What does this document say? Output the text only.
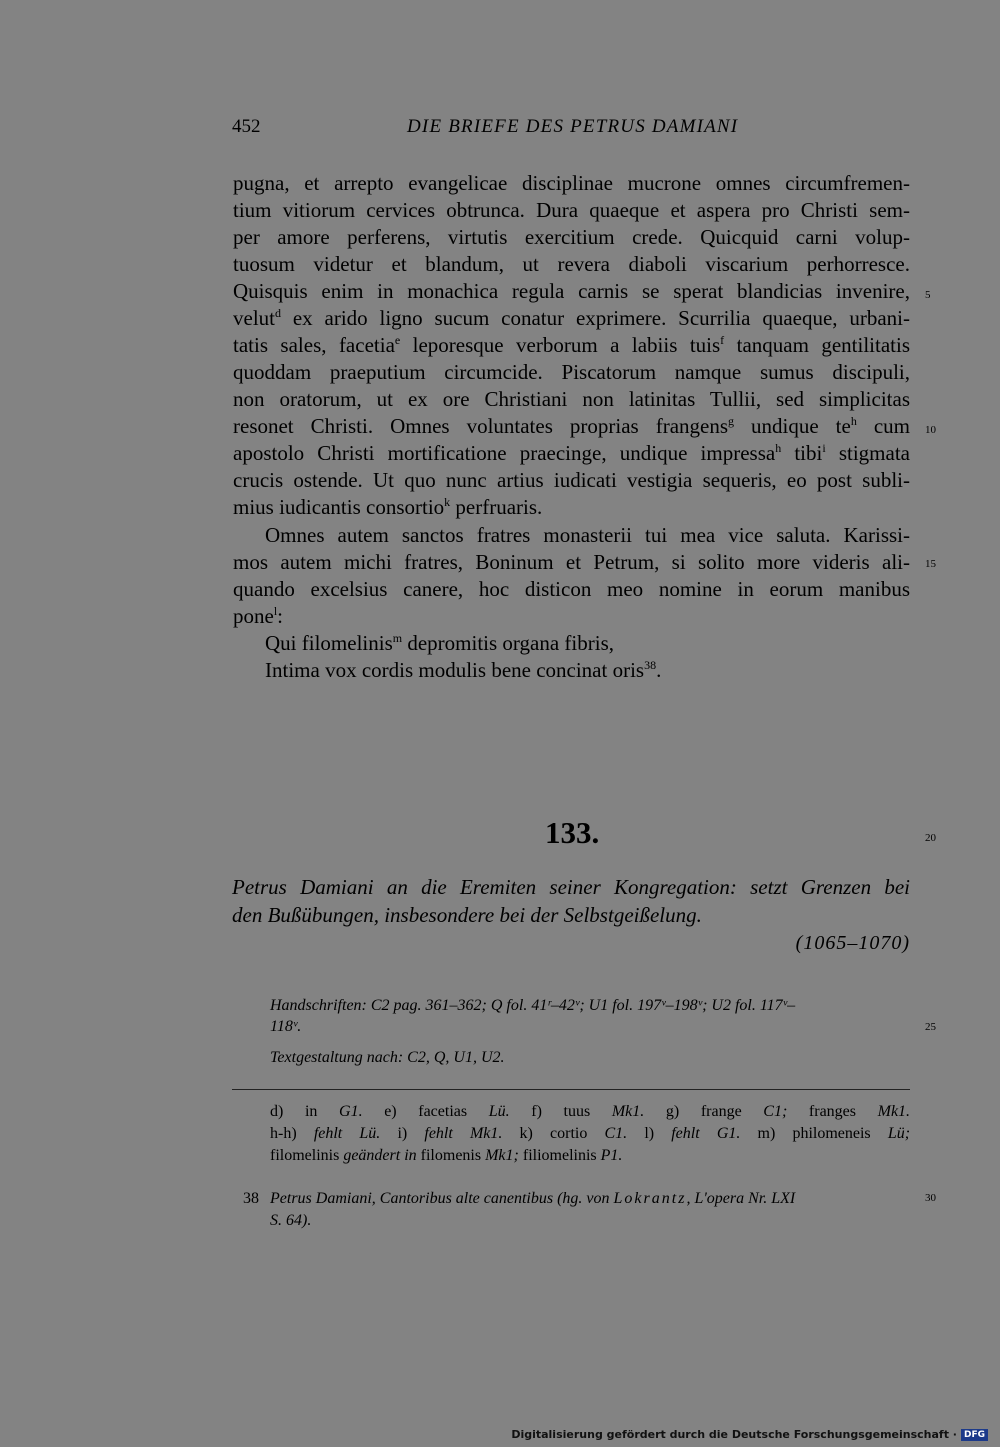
452	DIE BRIEFE DES PETRUS DAMIANI
pugna, et arrepto evangelicae disciplinae mucrone omnes circumfremen-
tium vitiorum cervices obtrunca. Dura quaeque et aspera pro Christi sem-
per amore perferens, virtutis exercitium crede. Quicquid carni volup-
tuosum videtur et blandum, ut revera diaboli viscarium perhorresce.
Quisquis enim in monachica regula carnis se sperat blandicias invenire,
velut$^d$ ex arido ligno sucum conatur exprimere. Scurrilia quaeque, urbani-
tatis sales, facetia$^e$ leporesque verborum a labiis tuis$^f$ tanquam gentilitatis
quoddam praeputium circumcide. Piscatorum namque sumus discipuli,
non oratorum, ut ex ore Christiani non latinitas Tullii, sed simplicitas
resonet Christi. Omnes voluntates proprias frangens$^g$ undique $te^h$ cum
apostolo Christi mortificatione praecinge, undique impressa$^h$ tibi$^i$ stigmata
crucis ostende. Ut quo nunc artius iudicati vestigia sequeris, eo post subli-
mius iudicantis consortio$^k$ perfruaris.
Omnes autem sanctos fratres monasterii tui mea vice saluta. Karissi-
mos autem michi fratres, Boninum et Petrum, si solito more videris ali-
quando excelsius canere, hoc disticon meo nomine in eorum manibus
pone$^l$:
Qui filomelinis$^m$ depromitis organa fibris,
Intima vox cordis modulis bene concinat oris$^{38}$.
5
10
15
20
25
30
133.
Petrus Damiani an die Eremiten seiner Kongregation: setzt Grenzen bei
den Bußübungen, insbesondere bei der Selbstgeißelung.
(1065–1070)
Handschriften: C2 pag. 361–362; Q fol. 41ʳ–42ᵛ; U1 fol. 197ᵛ–198ᵛ; U2 fol. 117ᵛ–
118ᵛ.
Textgestaltung nach: C2, Q, U1, U2.
d) in G1. e) facetias Lü. f) tuus Mk1. g) frange C1; franges Mk1.
h-h) fehlt Lü. i) fehlt Mk1. k) cortio C1. l) fehlt G1. m) philomeneis Lü;
filomelinis geändert in filomenis Mk1; filiomelinis P1.
38 Petrus Damiani, Cantoribus alte canentibus (hg. von Lokrantz, L'opera Nr. LXI
S. 64).
Digitalisierung gefördert durch die Deutsche Forschungsgemeinschaft · DFG
